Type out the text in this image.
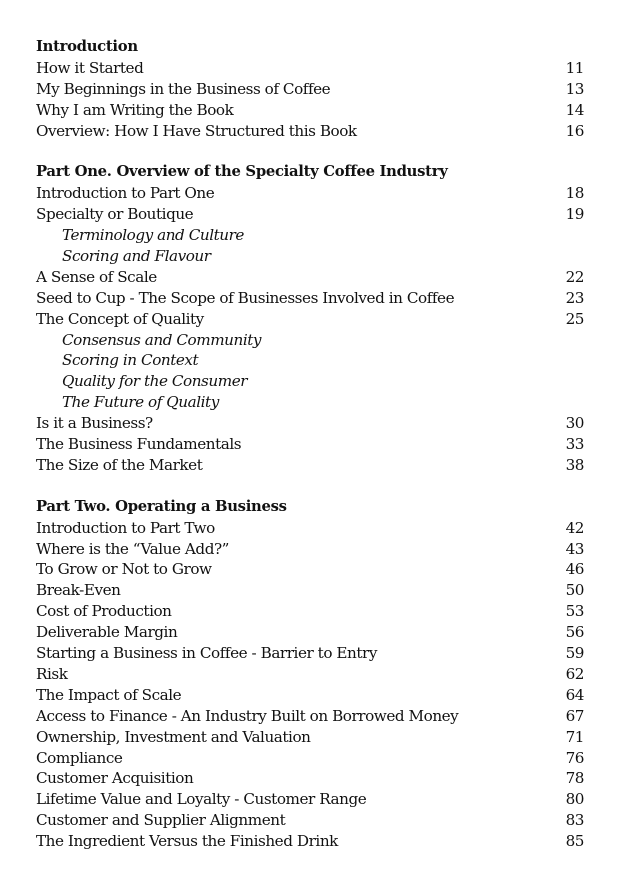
Introduction
How it Started	11
My Beginnings in the Business of Coffee	13
Why I am Writing the Book	14
Overview: How I Have Structured this Book	16
Part One. Overview of the Specialty Coffee Industry
Introduction to Part One	18
Specialty or Boutique	19
Terminology and Culture
Scoring and Flavour
A Sense of Scale	22
Seed to Cup - The Scope of Businesses Involved in Coffee	23
The Concept of Quality	25
Consensus and Community
Scoring in Context
Quality for the Consumer
The Future of Quality
Is it a Business?	30
The Business Fundamentals	33
The Size of the Market	38
Part Two. Operating a Business
Introduction to Part Two	42
Where is the “Value Add?”	43
To Grow or Not to Grow	46
Break-Even	50
Cost of Production	53
Deliverable Margin	56
Starting a Business in Coffee - Barrier to Entry	59
Risk	62
The Impact of Scale	64
Access to Finance - An Industry Built on Borrowed Money	67
Ownership, Investment and Valuation	71
Compliance	76
Customer Acquisition	78
Lifetime Value and Loyalty - Customer Range	80
Customer and Supplier Alignment	83
The Ingredient Versus the Finished Drink	85
